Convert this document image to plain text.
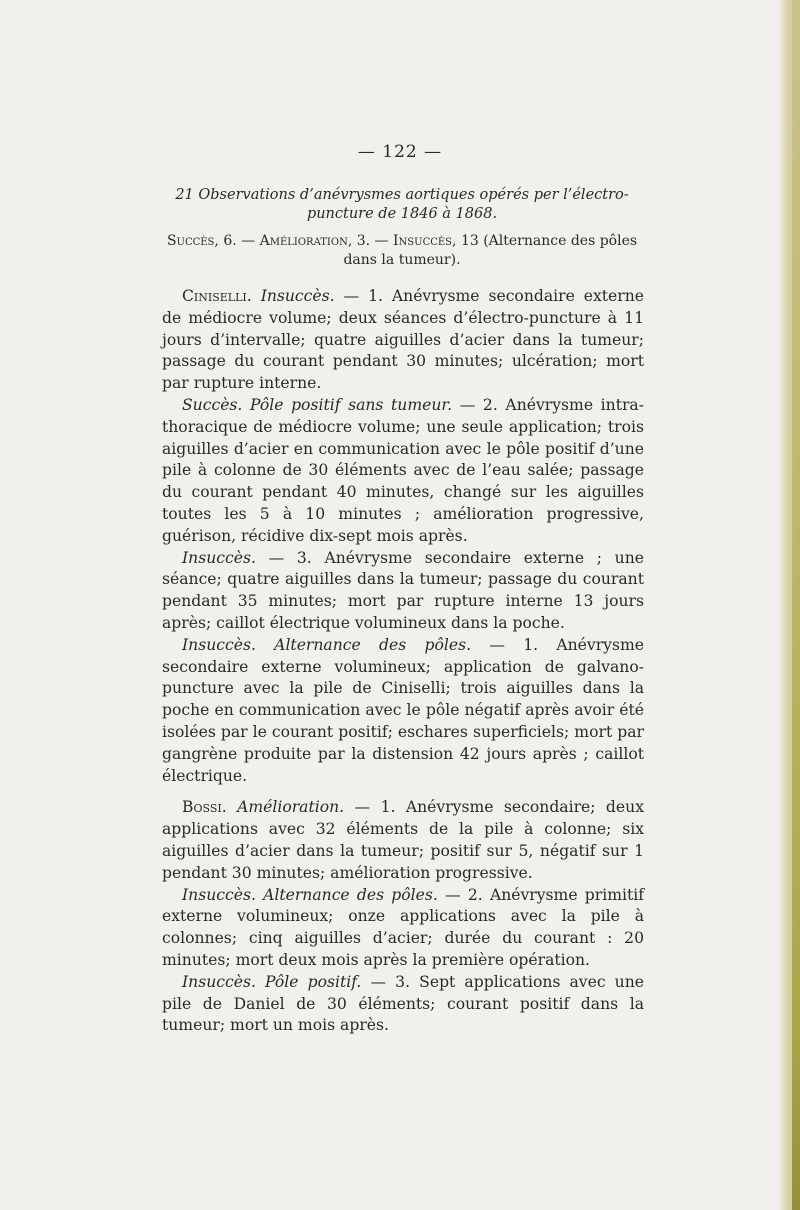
— 122 —
21 Observations d’anévrysmes aortiques opérés per l’électro-puncture de 1846 à 1868.
Succès, 6. — Amélioration, 3. — Insuccès, 13 (Alternance des pôles dans la tumeur).

Ciniselli. Insuccès. — 1. Anévrysme secondaire externe de médiocre volume; deux séances d’électro-puncture à 11 jours d’intervalle; quatre aiguilles d’acier dans la tumeur; passage du courant pendant 30 minutes; ulcération; mort par rupture interne.

Succès. Pôle positif sans tumeur. — 2. Anévrysme intra-thoracique de médiocre volume; une seule application; trois aiguilles d’acier en communication avec le pôle positif d’une pile à colonne de 30 éléments avec de l’eau salée; passage du courant pendant 40 minutes, changé sur les aiguilles toutes les 5 à 10 minutes ; amélioration progressive, guérison, récidive dix-sept mois après.

Insuccès. — 3. Anévrysme secondaire externe ; une séance; quatre aiguilles dans la tumeur; passage du courant pendant 35 minutes; mort par rupture interne 13 jours après; caillot électrique volumineux dans la poche.

Insuccès. Alternance des pôles. — 1. Anévrysme secondaire externe volumineux; application de galvano-puncture avec la pile de Ciniselli; trois aiguilles dans la poche en communication avec le pôle négatif après avoir été isolées par le courant positif; eschares superficiels; mort par gangrène produite par la distension 42 jours après ; caillot électrique.

Bossi. Amélioration. — 1. Anévrysme secondaire; deux applications avec 32 éléments de la pile à colonne; six aiguilles d’acier dans la tumeur; positif sur 5, négatif sur 1 pendant 30 minutes; amélioration progressive.

Insuccès. Alternance des pôles. — 2. Anévrysme primitif externe volumineux; onze applications avec la pile à colonnes; cinq aiguilles d’acier; durée du courant : 20 minutes; mort deux mois après la première opération.

Insuccès. Pôle positif. — 3. Sept applications avec une pile de Daniel de 30 éléments; courant positif dans la tumeur; mort un mois après.
